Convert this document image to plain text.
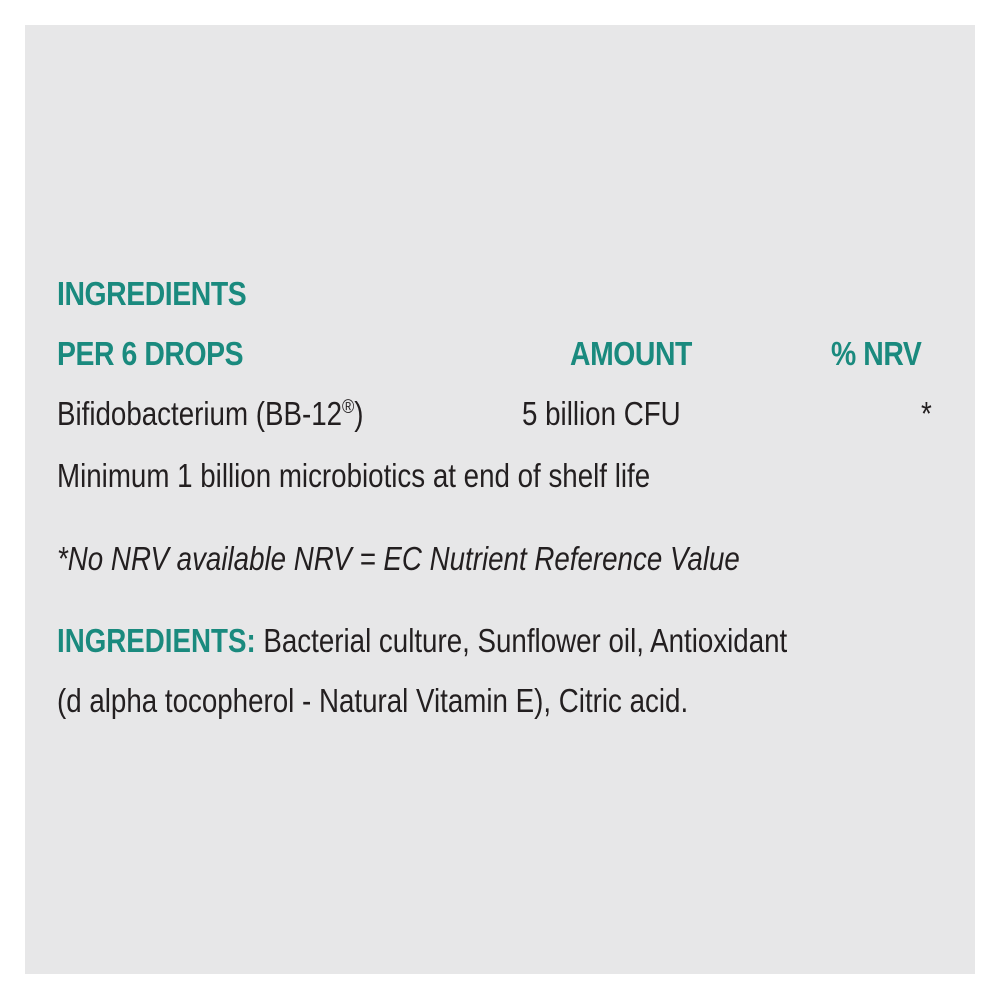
INGREDIENTS
PER 6 DROPS	AMOUNT	% NRV
Bifidobacterium (BB-12®)	5 billion CFU	*
Minimum 1 billion microbiotics at end of shelf life
*No NRV available NRV = EC Nutrient Reference Value
INGREDIENTS: Bacterial culture, Sunflower oil, Antioxidant
(d alpha tocopherol - Natural Vitamin E), Citric acid.
